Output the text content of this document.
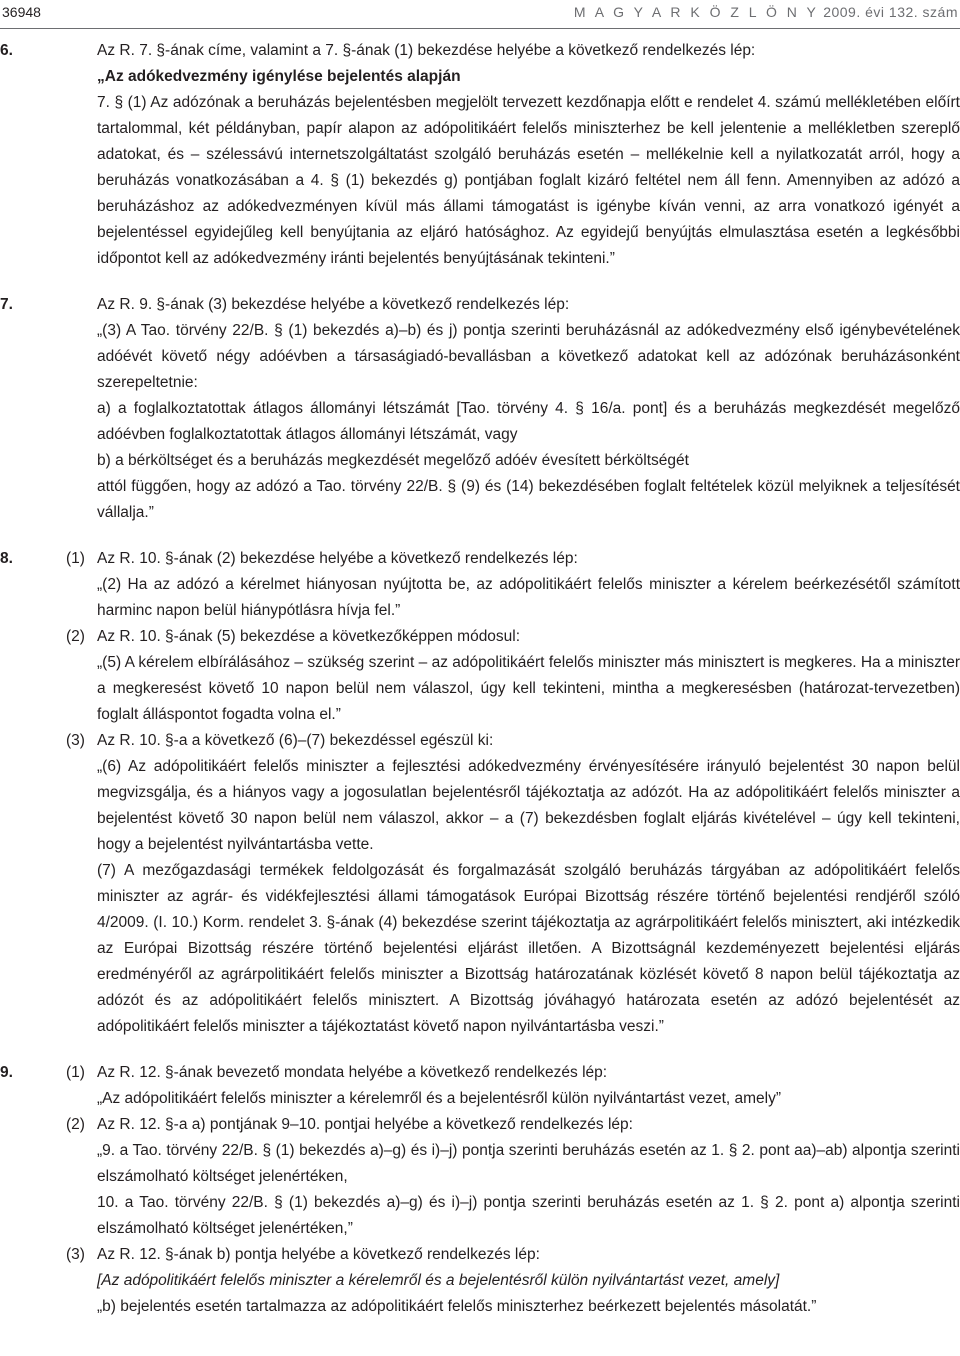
36948	M A G Y A R K Ö Z L Ö N Y 2009. évi 132. szám
6.	Az R. 7. §-ának címe, valamint a 7. §-ának (1) bekezdése helyébe a következő rendelkezés lép:

„Az adókedvezmény igénylése bejelentés alapján

7. § (1) Az adózónak a beruházás bejelentésben megjelölt tervezett kezdőnapja előtt e rendelet 4. számú mellékletében előírt tartalommal, két példányban, papír alapon az adópolitikáért felelős miniszterhez be kell jelentenie a mellékletben szereplő adatokat, és – szélessávú internetszolgáltatást szolgáló beruházás esetén – mellékelnie kell a nyilatkozatát arról, hogy a beruházás vonatkozásában a 4. § (1) bekezdés g) pontjában foglalt kizáró feltétel nem áll fenn. Amennyiben az adózó a beruházáshoz az adókedvezményen kívül más állami támogatást is igénybe kíván venni, az arra vonatkozó igényét a bejelentéssel egyidejűleg kell benyújtania az eljáró hatósághoz. Az egyidejű benyújtás elmulasztása esetén a legkésőbbi időpontot kell az adókedvezmény iránti bejelentés benyújtásának tekinteni.”

7.	Az R. 9. §-ának (3) bekezdése helyébe a következő rendelkezés lép:

„(3) A Tao. törvény 22/B. § (1) bekezdés a)–b) és j) pontja szerinti beruházásnál az adókedvezmény első igénybevételének adóévét követő négy adóévben a társaságiadó-bevallásban a következő adatokat kell az adózónak beruházásonként szerepeltetnie:

a) a foglalkoztatottak átlagos állományi létszámát [Tao. törvény 4. § 16/a. pont] és a beruházás megkezdését megelőző adóévben foglalkoztatottak átlagos állományi létszámát, vagy

b) a bérköltséget és a beruházás megkezdését megelőző adóév évesített bérköltségét

attól függően, hogy az adózó a Tao. törvény 22/B. § (9) és (14) bekezdésében foglalt feltételek közül melyiknek a teljesítését vállalja.”

8.	(1) Az R. 10. §-ának (2) bekezdése helyébe a következő rendelkezés lép:

„(2) Ha az adózó a kérelmet hiányosan nyújtotta be, az adópolitikáért felelős miniszter a kérelem beérkezésétől számított harminc napon belül hiánypótlásra hívja fel.”

(2) Az R. 10. §-ának (5) bekezdése a következőképpen módosul:

„(5) A kérelem elbírálásához – szükség szerint – az adópolitikáért felelős miniszter más minisztert is megkeres. Ha a miniszter a megkeresést követő 10 napon belül nem válaszol, úgy kell tekinteni, mintha a megkeresésben (határozat-tervezetben) foglalt álláspontot fogadta volna el.”

(3) Az R. 10. §-a a következő (6)–(7) bekezdéssel egészül ki:

„(6) Az adópolitikáért felelős miniszter a fejlesztési adókedvezmény érvényesítésére irányuló bejelentést 30 napon belül megvizsgálja, és a hiányos vagy a jogosulatlan bejelentésről tájékoztatja az adózót. Ha az adópolitikáért felelős miniszter a bejelentést követő 30 napon belül nem válaszol, akkor – a (7) bekezdésben foglalt eljárás kivételével – úgy kell tekinteni, hogy a bejelentést nyilvántartásba vette.

(7) A mezőgazdasági termékek feldolgozását és forgalmazását szolgáló beruházás tárgyában az adópolitikáért felelős miniszter az agrár- és vidékfejlesztési állami támogatások Európai Bizottság részére történő bejelentési rendjéről szóló 4/2009. (I. 10.) Korm. rendelet 3. §-ának (4) bekezdése szerint tájékoztatja az agrárpolitikáért felelős minisztert, aki intézkedik az Európai Bizottság részére történő bejelentési eljárást illetően. A Bizottságnál kezdeményezett bejelentési eljárás eredményéről az agrárpolitikáért felelős miniszter a Bizottság határozatának közlését követő 8 napon belül tájékoztatja az adózót és az adópolitikáért felelős minisztert. A Bizottság jóváhagyó határozata esetén az adózó bejelentését az adópolitikáért felelős miniszter a tájékoztatást követő napon nyilvántartásba veszi.”

9.	(1) Az R. 12. §-ának bevezető mondata helyébe a következő rendelkezés lép:

„Az adópolitikáért felelős miniszter a kérelemről és a bejelentésről külön nyilvántartást vezet, amely”

(2) Az R. 12. §-a a) pontjának 9–10. pontjai helyébe a következő rendelkezés lép:

„9. a Tao. törvény 22/B. § (1) bekezdés a)–g) és i)–j) pontja szerinti beruházás esetén az 1. § 2. pont aa)–ab) alpontja szerinti elszámolható költséget jelenértéken,

10. a Tao. törvény 22/B. § (1) bekezdés a)–g) és i)–j) pontja szerinti beruházás esetén az 1. § 2. pont a) alpontja szerinti elszámolható költséget jelenértéken,”

(3) Az R. 12. §-ának b) pontja helyébe a következő rendelkezés lép:

[Az adópolitikáért felelős miniszter a kérelemről és a bejelentésről külön nyilvántartást vezet, amely]

„b) bejelentés esetén tartalmazza az adópolitikáért felelős miniszterhez beérkezett bejelentés másolatát.”
